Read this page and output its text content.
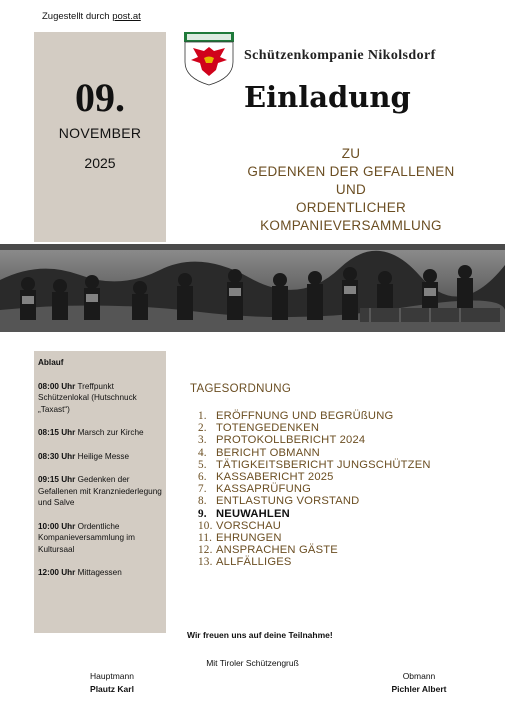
Zugestellt durch post.at
09.
NOVEMBER
2025
Schützenkompanie Nikolsdorf
Einladung
ZU
GEDENKEN DER GEFALLENEN
UND
ORDENTLICHER
KOMPANIEVERSAMMLUNG
Ablauf
08:00 Uhr Treffpunkt Schützenlokal (Hutschnuck „Taxast“)
08:15 Uhr Marsch zur Kirche
08:30 Uhr Heilige Messe
09:15 Uhr Gedenken der Gefallenen mit Kranzniederlegung und Salve
10:00 Uhr Ordentliche Kompanieversammlung im Kultursaal
12:00 Uhr Mittagessen
TAGESORDNUNG
1. ERÖFFNUNG UND BEGRÜßUNG
2. TOTENGEDENKEN
3. PROTOKOLLBERICHT 2024
4. BERICHT OBMANN
5. TÄTIGKEITSBERICHT JUNGSCHÜTZEN
6. KASSABERICHT 2025
7. KASSAPRÜFUNG
8. ENTLASTUNG VORSTAND
9. NEUWAHLEN
10. VORSCHAU
11. EHRUNGEN
12. ANSPRACHEN GÄSTE
13. ALLFÄLLIGES
Wir freuen uns auf deine Teilnahme!
Mit Tiroler Schützengruß
Hauptmann
Plautz Karl
Obmann
Pichler Albert
